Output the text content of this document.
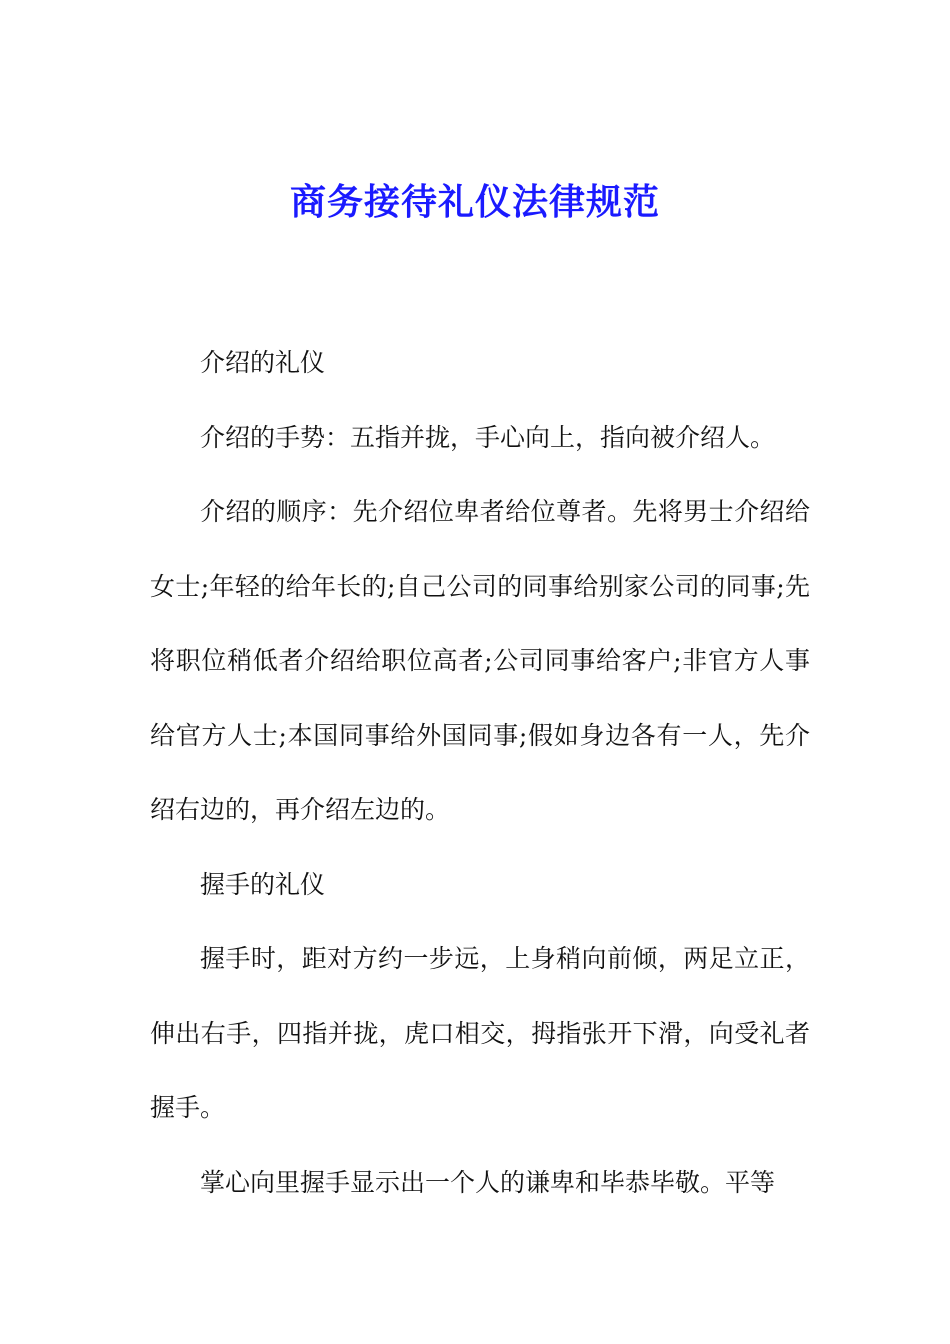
商务接待礼仪法律规范

介绍的礼仪

介绍的手势：五指并拢，手心向上，指向被介绍人。

介绍的顺序：先介绍位卑者给位尊者。先将男士介绍给女士;年轻的给年长的;自己公司的同事给别家公司的同事;先将职位稍低者介绍给职位高者;公司同事给客户;非官方人事给官方人士;本国同事给外国同事;假如身边各有一人，先介绍右边的，再介绍左边的。

握手的礼仪

握手时，距对方约一步远，上身稍向前倾，两足立正，伸出右手，四指并拢，虎口相交，拇指张开下滑，向受礼者握手。

掌心向里握手显示出一个人的谦卑和毕恭毕敬。平等
